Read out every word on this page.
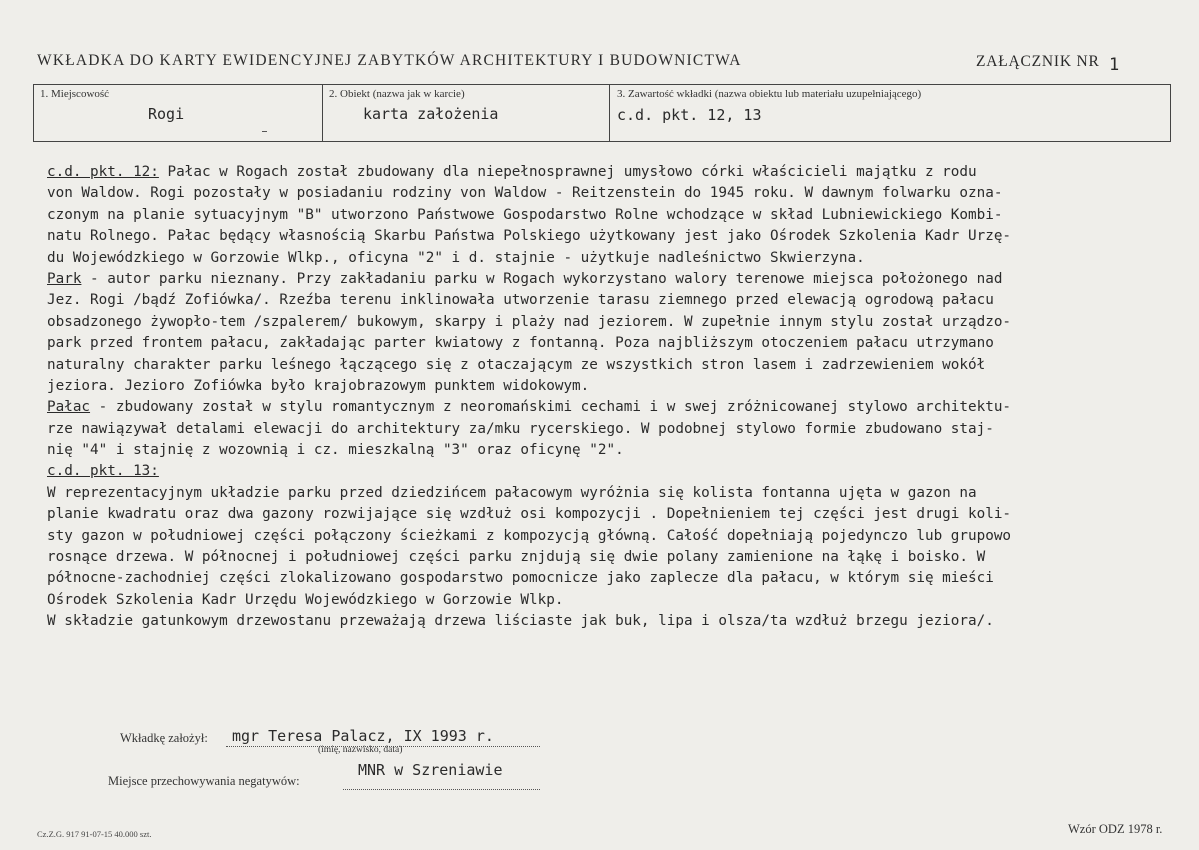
WKŁADKA DO KARTY EWIDENCYJNEJ ZABYTKÓW ARCHITEKTURY I BUDOWNICTWA	ZAŁĄCZNIK NR 1
1. Miejscowość
Rogi
2. Obiekt (nazwa jak w karcie)
karta założenia
3. Zawartość wkładki (nazwa obiektu lub materiału uzupełniającego)
c.d. pkt. 12, 13
c.d. pkt. 12: Pałac w Rogach został zbudowany dla niepełnosprawnej umysłowo córki właścicieli majątku z rodu
von Waldow. Rogi pozostały w posiadaniu rodziny von Waldow - Reitzenstein do 1945 roku. W dawnym folwarku ozna-
czonym na planie sytuacyjnym "B" utworzono Państwowe Gospodarstwo Rolne wchodzące w skład Lubniewickiego Kombi-
natu Rolnego. Pałac będący własnością Skarbu Państwa Polskiego użytkowany jest jako Ośrodek Szkolenia Kadr Urzę-
du Wojewódzkiego w Gorzowie Wlkp., oficyna "2" i d. stajnie - użytkuje nadleśnictwo Skwierzyna.
Park - autor parku nieznany. Przy zakładaniu parku w Rogach wykorzystano walory terenowe miejsca położonego nad
Jez. Rogi /bądź Zofiówka/. Rzeźba terenu inklinowała utworzenie tarasu ziemnego przed elewacją ogrodową pałacu
obsadzonego żywopło-tem /szpalerem/ bukowym, skarpy i plaży nad jeziorem. W zupełnie innym stylu został urządzo-
park przed frontem pałacu, zakładając parter kwiatowy z fontanną. Poza najbliższym otoczeniem pałacu utrzymano
naturalny charakter parku leśnego łączącego się z otaczającym ze wszystkich stron lasem i zadrzewieniem wokół
jeziora. Jezioro Zofiówka było krajobrazowym punktem widokowym.
Pałac - zbudowany został w stylu romantycznym z neoromańskimi cechami i w swej zróżnicowanej stylowo architektu-
rze nawiązywał detalami elewacji do architektury za/mku rycerskiego. W podobnej stylowo formie zbudowano staj-
nię "4" i stajnię z wozownią i cz. mieszkalną "3" oraz oficynę "2".
c.d. pkt. 13:
W reprezentacyjnym układzie parku przed dziedzińcem pałacowym wyróżnia się kolista fontanna ujęta w gazon na
planie kwadratu oraz dwa gazony rozwijające się wzdłuż osi kompozycji . Dopełnieniem tej części jest drugi koli-
sty gazon w południowej części połączony ścieżkami z kompozycją główną. Całość dopełniają pojedynczo lub grupowo
rosnące drzewa. W północnej i południowej części parku znjdują się dwie polany zamienione na łąkę i boisko. W
północne-zachodniej części zlokalizowano gospodarstwo pomocnicze jako zaplecze dla pałacu, w którym się mieści
Ośrodek Szkolenia Kadr Urzędu Wojewódzkiego w Gorzowie Wlkp.
W składzie gatunkowym drzewostanu przeważają drzewa liściaste jak buk, lipa i olsza/ta wzdłuż brzegu jeziora/.
Wkładkę założył: mgr Teresa Palacz, IX 1993 r.
(imię, nazwisko, data)
Miejsce przechowywania negatywów:
MNR w Szreniawie
Cz.Z.G. 917 91-07-15 40.000 szt.	Wzór ODZ 1978 r.
